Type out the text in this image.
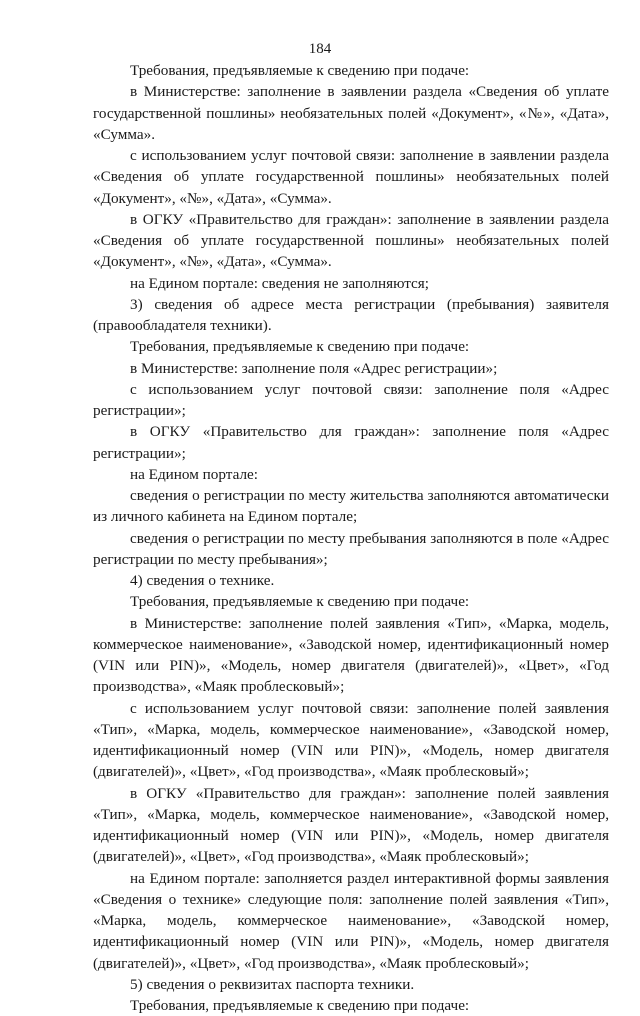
184
Требования, предъявляемые к сведению при подаче:
в Министерстве: заполнение в заявлении раздела «Сведения об уплате
государственной пошлины» необязательных полей «Документ», «№», «Дата»,
«Сумма».
с использованием услуг почтовой связи: заполнение в заявлении раздела
«Сведения об уплате государственной пошлины» необязательных полей
«Документ», «№», «Дата», «Сумма».
в ОГКУ «Правительство для граждан»: заполнение в заявлении раздела
«Сведения об уплате государственной пошлины» необязательных полей
«Документ», «№», «Дата», «Сумма».
на Едином портале: сведения не заполняются;
3) сведения об адресе места регистрации (пребывания) заявителя
(правообладателя техники).
Требования, предъявляемые к сведению при подаче:
в Министерстве: заполнение поля «Адрес регистрации»;
с использованием услуг почтовой связи: заполнение поля «Адрес
регистрации»;
в ОГКУ «Правительство для граждан»: заполнение поля «Адрес
регистрации»;
на Едином портале:
сведения о регистрации по месту жительства заполняются автоматически
из личного кабинета на Едином портале;
сведения о регистрации по месту пребывания заполняются в поле «Адрес
регистрации по месту пребывания»;
4) сведения о технике.
Требования, предъявляемые к сведению при подаче:
в Министерстве: заполнение полей заявления «Тип», «Марка, модель,
коммерческое наименование», «Заводской номер, идентификационный номер
(VIN или PIN)», «Модель, номер двигателя (двигателей)», «Цвет», «Год
производства», «Маяк проблесковый»;
с использованием услуг почтовой связи: заполнение полей заявления
«Тип», «Марка, модель, коммерческое наименование», «Заводской номер,
идентификационный номер (VIN или PIN)», «Модель, номер двигателя
(двигателей)», «Цвет», «Год производства», «Маяк проблесковый»;
в ОГКУ «Правительство для граждан»: заполнение полей заявления
«Тип», «Марка, модель, коммерческое наименование», «Заводской номер,
идентификационный номер (VIN или PIN)», «Модель, номер двигателя
(двигателей)», «Цвет», «Год производства», «Маяк проблесковый»;
на Едином портале: заполняется раздел интерактивной формы заявления
«Сведения о технике» следующие поля: заполнение полей заявления «Тип»,
«Марка, модель, коммерческое наименование», «Заводской номер,
идентификационный номер (VIN или PIN)», «Модель, номер двигателя
(двигателей)», «Цвет», «Год производства», «Маяк проблесковый»;
5) сведения о реквизитах паспорта техники.
Требования, предъявляемые к сведению при подаче:
